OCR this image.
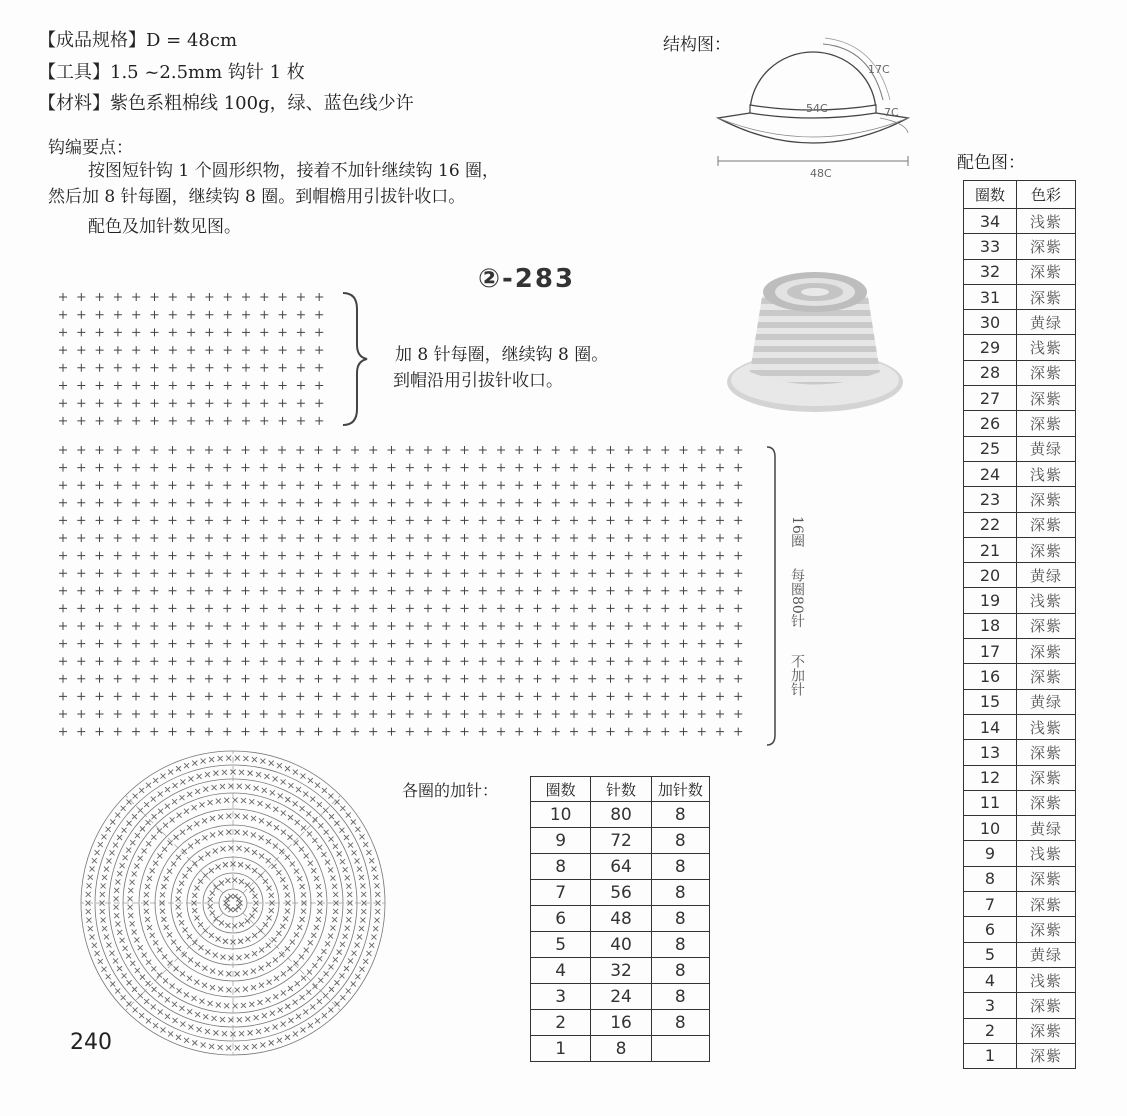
【成品规格】D = 48cm
【工具】1.5 ~2.5mm 钩针 1 枚
【材料】紫色系粗棉线 100g，绿、蓝色线少许
钩编要点：
按图短针钩 1 个圆形织物，接着不加针继续钩 16 圈，
然后加 8 针每圈，继续钩 8 圈。到帽檐用引拔针收口。
配色及加针数见图。
结构图：
17C
54C	7C
48C
②-283
加 8 针每圈，继续钩 8 圈。
到帽沿用引拔针收口。
16圈
每圈80针
不加针
各圈的加针：	圈数	针数	加针数
10	80	8
9	72	8
8	64	8
7	56	8
6	48	8
5	40	8
4	32	8
3	24	8
2	16	8
1	8	
配色图：
圈数	色彩
34	浅紫
33	深紫
32	深紫
31	深紫
30	黄绿
29	浅紫
28	深紫
27	深紫
26	深紫
25	黄绿
24	浅紫
23	深紫
22	深紫
21	深紫
20	黄绿
19	浅紫
18	深紫
17	深紫
16	深紫
15	黄绿
14	浅紫
13	深紫
12	深紫
11	深紫
10	黄绿
9	浅紫
8	深紫
7	深紫
6	深紫
5	黄绿
4	浅紫
3	深紫
2	深紫
1	深紫
240
